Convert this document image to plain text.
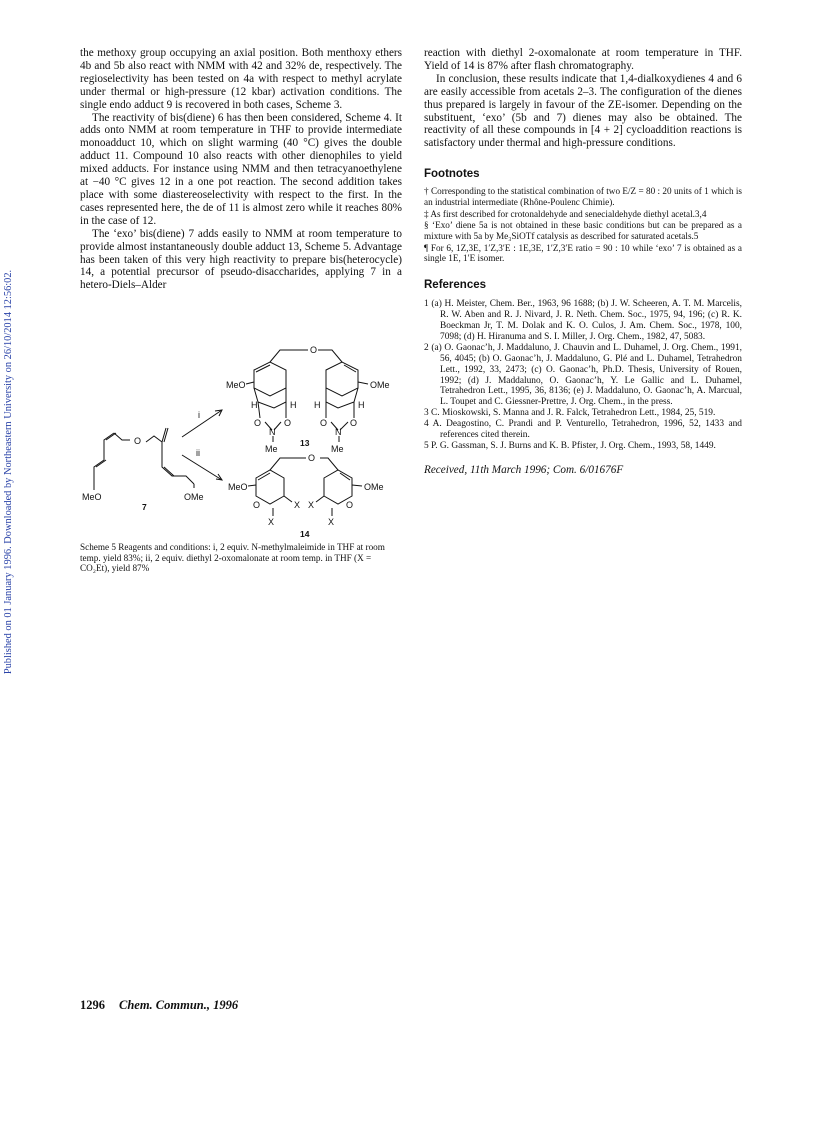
Published on 01 January 1996. Downloaded by Northeastern University on 26/10/2014 12:56:02.

the methoxy group occupying an axial position. Both menthoxy ethers 4b and 5b also react with NMM with 42 and 32% de, respectively. The regioselectivity has been tested on 4a with respect to methyl acrylate under thermal or high-pressure (12 kbar) activation conditions. The single endo adduct 9 is recovered in both cases, Scheme 3.

The reactivity of bis(diene) 6 has then been considered, Scheme 4. It adds onto NMM at room temperature in THF to provide intermediate monoadduct 10, which on slight warming (40 °C) gives the double adduct 11. Compound 10 also reacts with other dienophiles to yield mixed adducts. For instance using NMM and then tetracyanoethylene at −40 °C gives 12 in a one pot reaction. The second addition takes place with some diastereoselectivity with respect to the first. In the cases represented here, the de of 11 is almost zero while it reaches 80% in the case of 12.

The ‘exo’ bis(diene) 7 adds easily to NMM at room temperature to provide almost instantaneously double adduct 13, Scheme 5. Advantage has been taken of this very high reactivity to prepare bis(heterocycle) 14, a potential precursor of pseudo-disaccharides, applying 7 in a hetero-Diels–Alder

MeO	OMe
O
7
i
ii
MeO	OMe
H	H H	H
O
O	O	O	O
N	N
Me	Me
13
MeO	OMe
O
O	O
X X
X	X
14

Scheme 5 Reagents and conditions: i, 2 equiv. N-methylmaleimide in THF at room temp. yield 83%; ii, 2 equiv. diethyl 2-oxomalonate at room temp. in THF (X = CO₂Et), yield 87%

reaction with diethyl 2-oxomalonate at room temperature in THF. Yield of 14 is 87% after flash chromatography.

In conclusion, these results indicate that 1,4-dialkoxydienes 4 and 6 are easily accessible from acetals 2–3. The configuration of the dienes thus prepared is largely in favour of the ZE-isomer. Depending on the substituent, ‘exo’ (5b and 7) dienes may also be obtained. The reactivity of all these compounds in [4 + 2] cycloaddition reactions is satisfactory under thermal and high-pressure conditions.

Footnotes

† Corresponding to the statistical combination of two E/Z = 80 : 20 units of 1 which is an industrial intermediate (Rhône-Poulenc Chimie).

‡ As first described for crotonaldehyde and senecialdehyde diethyl acetal.3,4

§ ‘Exo’ diene 5a is not obtained in these basic conditions but can be prepared as a mixture with 5a by Me₃SiOTf catalysis as described for saturated acetals.5

¶ For 6, 1Z,3E, 1′Z,3′E : 1E,3E, 1′Z,3′E ratio = 90 : 10 while ‘exo’ 7 is obtained as a single 1E, 1′E isomer.

References

1 (a) H. Meister, Chem. Ber., 1963, 96 1688; (b) J. W. Scheeren, A. T. M. Marcelis, R. W. Aben and R. J. Nivard, J. R. Neth. Chem. Soc., 1975, 94, 196; (c) R. K. Boeckman Jr, T. M. Dolak and K. O. Culos, J. Am. Chem. Soc., 1978, 100, 7098; (d) H. Hiranuma and S. I. Miller, J. Org. Chem., 1982, 47, 5083.

2 (a) O. Gaonac’h, J. Maddaluno, J. Chauvin and L. Duhamel, J. Org. Chem., 1991, 56, 4045; (b) O. Gaonac’h, J. Maddaluno, G. Plé and L. Duhamel, Tetrahedron Lett., 1992, 33, 2473; (c) O. Gaonac’h, Ph.D. Thesis, University of Rouen, 1992; (d) J. Maddaluno, O. Gaonac’h, Y. Le Gallic and L. Duhamel, Tetrahedron Lett., 1995, 36, 8136; (e) J. Maddaluno, O. Gaonac’h, A. Marcual, L. Toupet and C. Giessner-Prettre, J. Org. Chem., in the press.

3 C. Mioskowski, S. Manna and J. R. Falck, Tetrahedron Lett., 1984, 25, 519.

4 A. Deagostino, C. Prandi and P. Venturello, Tetrahedron, 1996, 52, 1433 and references cited therein.

5 P. G. Gassman, S. J. Burns and K. B. Pfister, J. Org. Chem., 1993, 58, 1449.

Received, 11th March 1996; Com. 6/01676F

1296 Chem. Commun., 1996
